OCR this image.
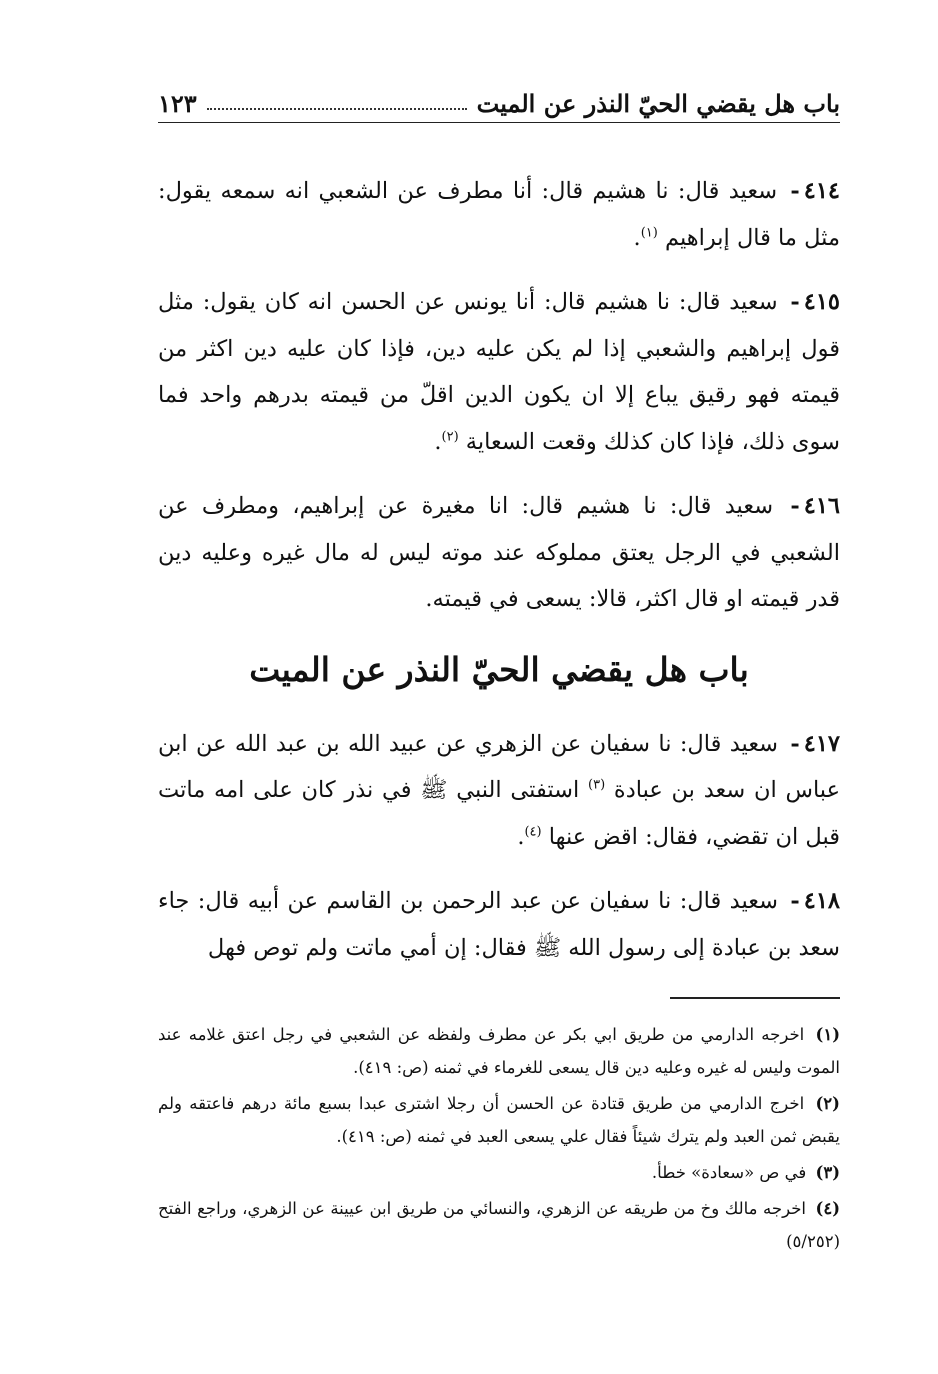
باب هل يقضي الحيّ النذر عن الميت
١٢٣

٤١٤- سعيد قال: نا هشيم قال: أنا مطرف عن الشعبي انه سمعه يقول: مثل ما قال إبراهيم $^{(١)}$.

٤١٥- سعيد قال: نا هشيم قال: أنا يونس عن الحسن انه كان يقول: مثل قول إبراهيم والشعبي إذا لم يكن عليه دين، فإذا كان عليه دين اكثر من قيمته فهو رقيق يباع إلا ان يكون الدين اقلّ من قيمته بدرهم واحد فما سوى ذلك، فإذا كان كذلك وقعت السعاية $^{(٢)}$.

٤١٦- سعيد قال: نا هشيم قال: انا مغيرة عن إبراهيم، ومطرف عن الشعبي في الرجل يعتق مملوكه عند موته ليس له مال غيره وعليه دين قدر قيمته او قال اكثر، قالا: يسعى في قيمته.

باب هل يقضي الحيّ النذر عن الميت

٤١٧- سعيد قال: نا سفيان عن الزهري عن عبيد الله بن عبد الله عن ابن عباس ان سعد بن عبادة $^{(٣)}$ استفتى النبي ﷺ في نذر كان على امه ماتت قبل ان تقضي، فقال: اقض عنها $^{(٤)}$.

٤١٨- سعيد قال: نا سفيان عن عبد الرحمن بن القاسم عن أبيه قال: جاء سعد بن عبادة إلى رسول الله ﷺ فقال: إن أمي ماتت ولم توص فهل

(١) اخرجه الدارمي من طريق ابي بكر عن مطرف ولفظه عن الشعبي في رجل اعتق غلامه عند الموت وليس له غيره وعليه دين قال يسعى للغرماء في ثمنه (ص: ٤١٩).

(٢) اخرج الدارمي من طريق قتادة عن الحسن أن رجلا اشترى عبدا بسبع مائة درهم فاعتقه ولم يقبض ثمن العبد ولم يترك شيئاً فقال علي يسعى العبد في ثمنه (ص: ٤١٩).

(٣) في ص «سعادة» خطأ.

(٤) اخرجه مالك وخ من طريقه عن الزهري، والنسائي من طريق ابن عيينة عن الزهري، وراجع الفتح (٥/٢٥٢)
